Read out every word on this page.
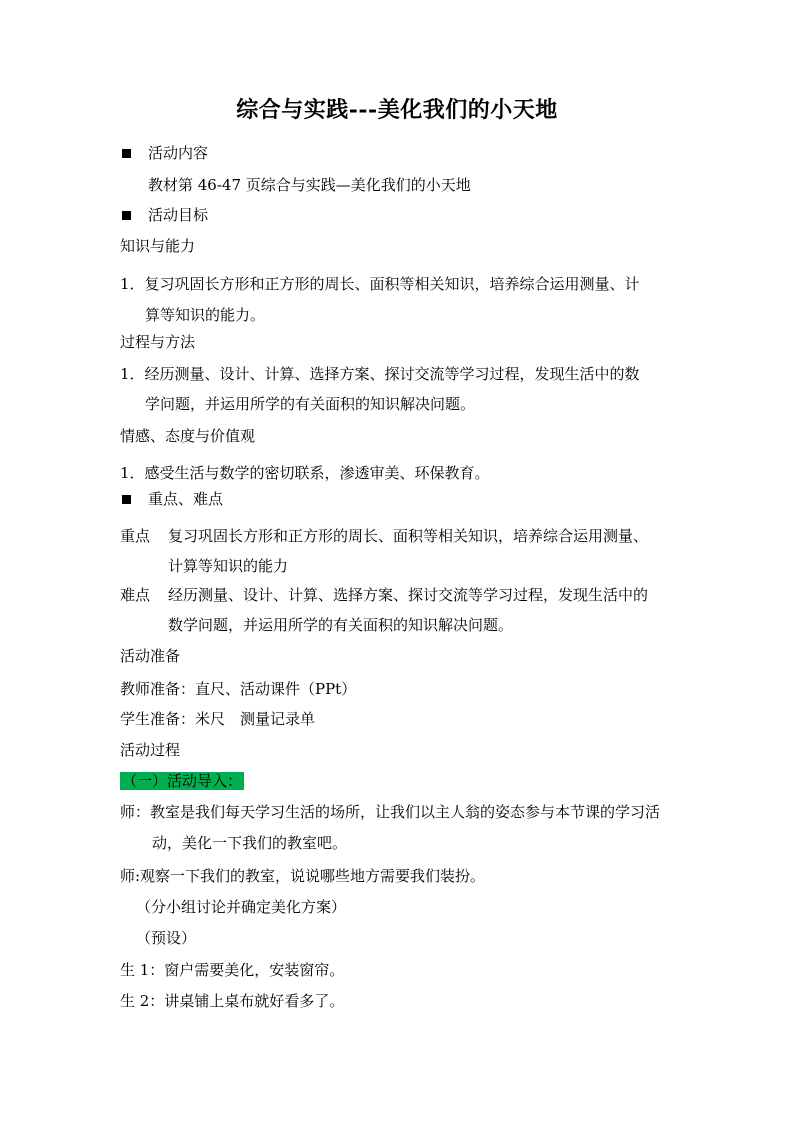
综合与实践---美化我们的小天地
活动内容
教材第 46-47 页综合与实践—美化我们的小天地
活动目标
知识与能力
1．复习巩固长方形和正方形的周长、面积等相关知识，培养综合运用测量、计
算等知识的能力。
过程与方法
1．经历测量、设计、计算、选择方案、探讨交流等学习过程，发现生活中的数
学问题，并运用所学的有关面积的知识解决问题。
情感、态度与价值观
1．感受生活与数学的密切联系，渗透审美、环保教育。
重点、难点
重点 复习巩固长方形和正方形的周长、面积等相关知识，培养综合运用测量、
计算等知识的能力
难点 经历测量、设计、计算、选择方案、探讨交流等学习过程，发现生活中的
数学问题，并运用所学的有关面积的知识解决问题。
活动准备
教师准备：直尺、活动课件（PPt）
学生准备：米尺　测量记录单
活动过程
（一）活动导入：
师：教室是我们每天学习生活的场所，让我们以主人翁的姿态参与本节课的学习活
动，美化一下我们的教室吧。
师:观察一下我们的教室，说说哪些地方需要我们装扮。
（分小组讨论并确定美化方案）
（预设）
生 1：窗户需要美化，安装窗帘。
生 2：讲桌铺上桌布就好看多了。
